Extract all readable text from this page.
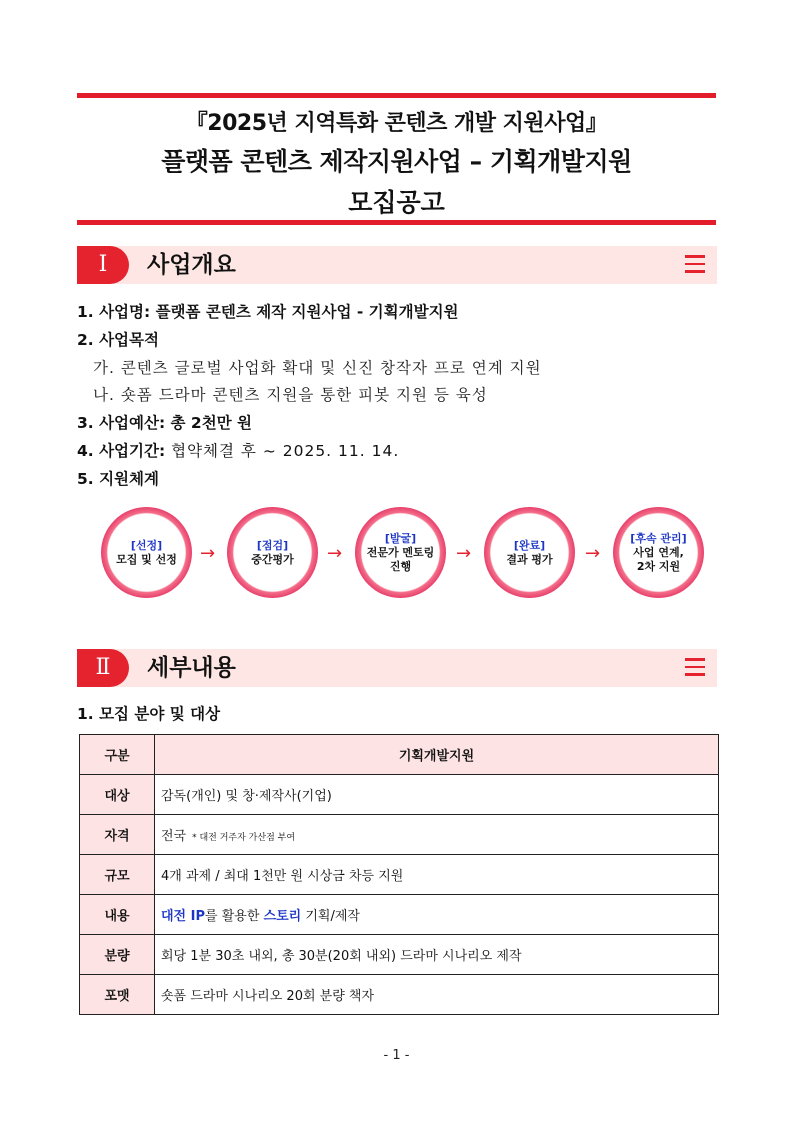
『2025년 지역특화 콘텐츠 개발 지원사업』
플랫폼 콘텐츠 제작지원사업 – 기획개발지원
모집공고
Ⅰ	사업개요
1. 사업명: 플랫폼 콘텐츠 제작 지원사업 - 기획개발지원
2. 사업목적
가. 콘텐츠 글로벌 사업화 확대 및 신진 창작자 프로 연계 지원
나. 숏폼 드라마 콘텐츠 지원을 통한 피봇 지원 등 육성
3. 사업예산: 총 2천만 원
4. 사업기간: 협약체결 후 ~ 2025. 11. 14.
5. 지원체계
[선정]
모집 및 선정 →	[점검]
중간평가 →
[발굴]
전문가 멘토링
진행
→	[완료]
결과 평가 →
[후속 관리]
사업 연계,
2차 지원
Ⅱ	세부내용
1. 모집 분야 및 대상
구분	기획개발지원
대상	감독(개인) 및 창·제작사(기업)
자격	전국 * 대전 거주자 가산점 부여
규모	4개 과제 / 최대 1천만 원 시상금 차등 지원
내용	대전 IP를 활용한 스토리 기획/제작
분량	회당 1분 30초 내외, 총 30분(20회 내외) 드라마 시나리오 제작
포맷	숏폼 드라마 시나리오 20회 분량 책자
- 1 -
